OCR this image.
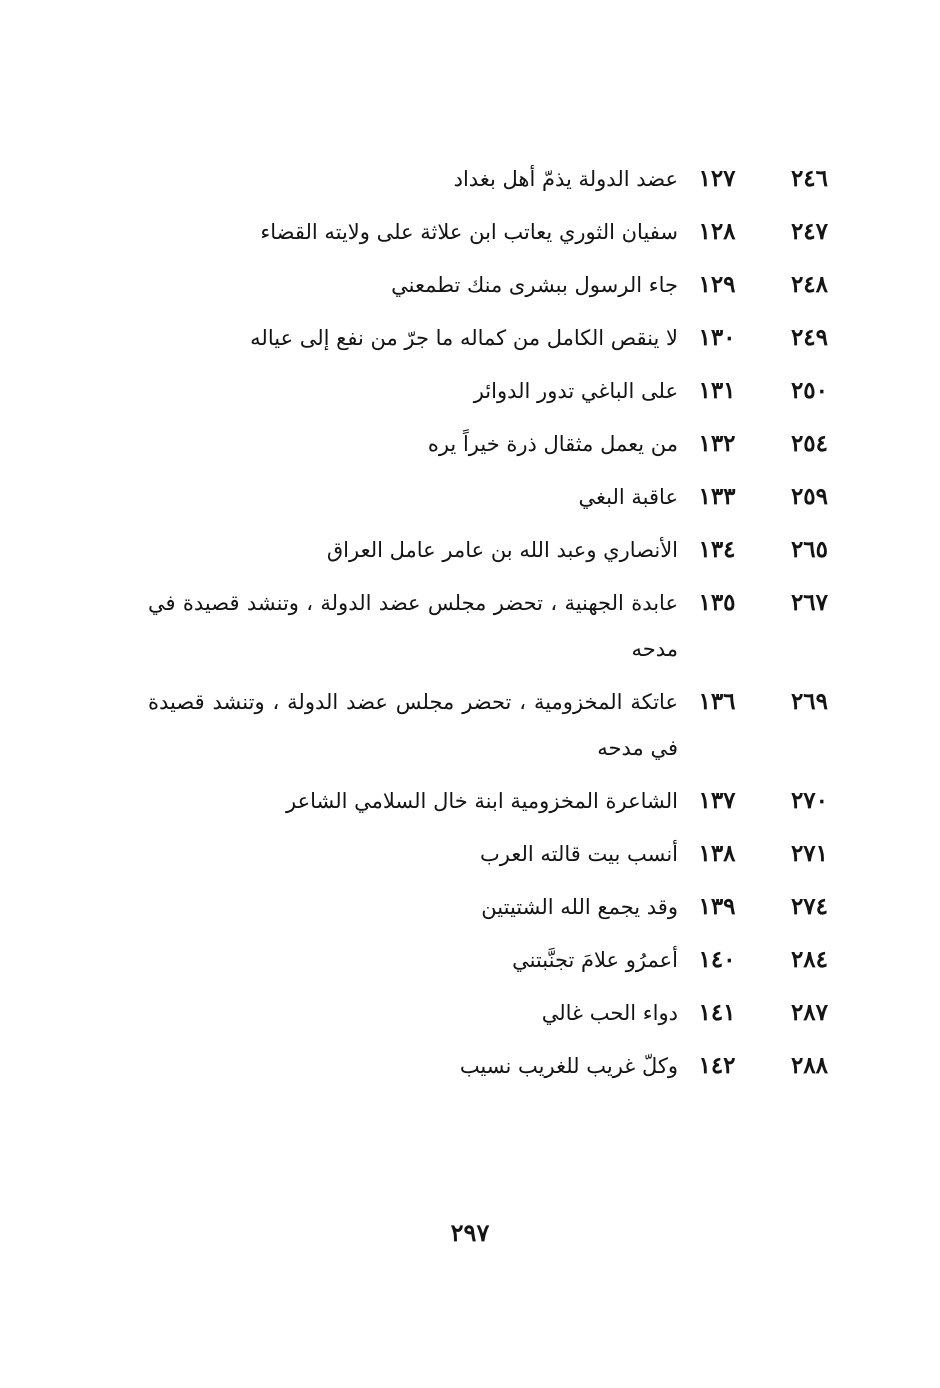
٢٤٦
١٢٧
عضد الدولة يذمّ أهل بغداد
٢٤٧
١٢٨
سفيان الثوري يعاتب ابن علاثة على ولايته القضاء
٢٤٨
١٢٩
جاء الرسول ببشرى منك تطمعني
٢٤٩
١٣٠
لا ينقص الكامل من كماله ما جرّ من نفع إلى عياله
٢٥٠
١٣١
على الباغي تدور الدوائر
٢٥٤
١٣٢
من يعمل مثقال ذرة خيراً يره
٢٥٩
١٣٣
عاقبة البغي
٢٦٥
١٣٤
الأنصاري وعبد الله بن عامر عامل العراق
٢٦٧
١٣٥
عابدة الجهنية ، تحضر مجلس عضد الدولة ، وتنشد قصيدة في مدحه
٢٦٩
١٣٦
عاتكة المخزومية ، تحضر مجلس عضد الدولة ، وتنشد قصيدة في مدحه
٢٧٠
١٣٧
الشاعرة المخزومية ابنة خال السلامي الشاعر
٢٧١
١٣٨
أنسب بيت قالته العرب
٢٧٤
١٣٩
وقد يجمع الله الشتيتين
٢٨٤
١٤٠
أعمرُو علامَ تجنَّبتني
٢٨٧
١٤١
دواء الحب غالي
٢٨٨
١٤٢
وكلّ غريب للغريب نسيب
٢٩٧
